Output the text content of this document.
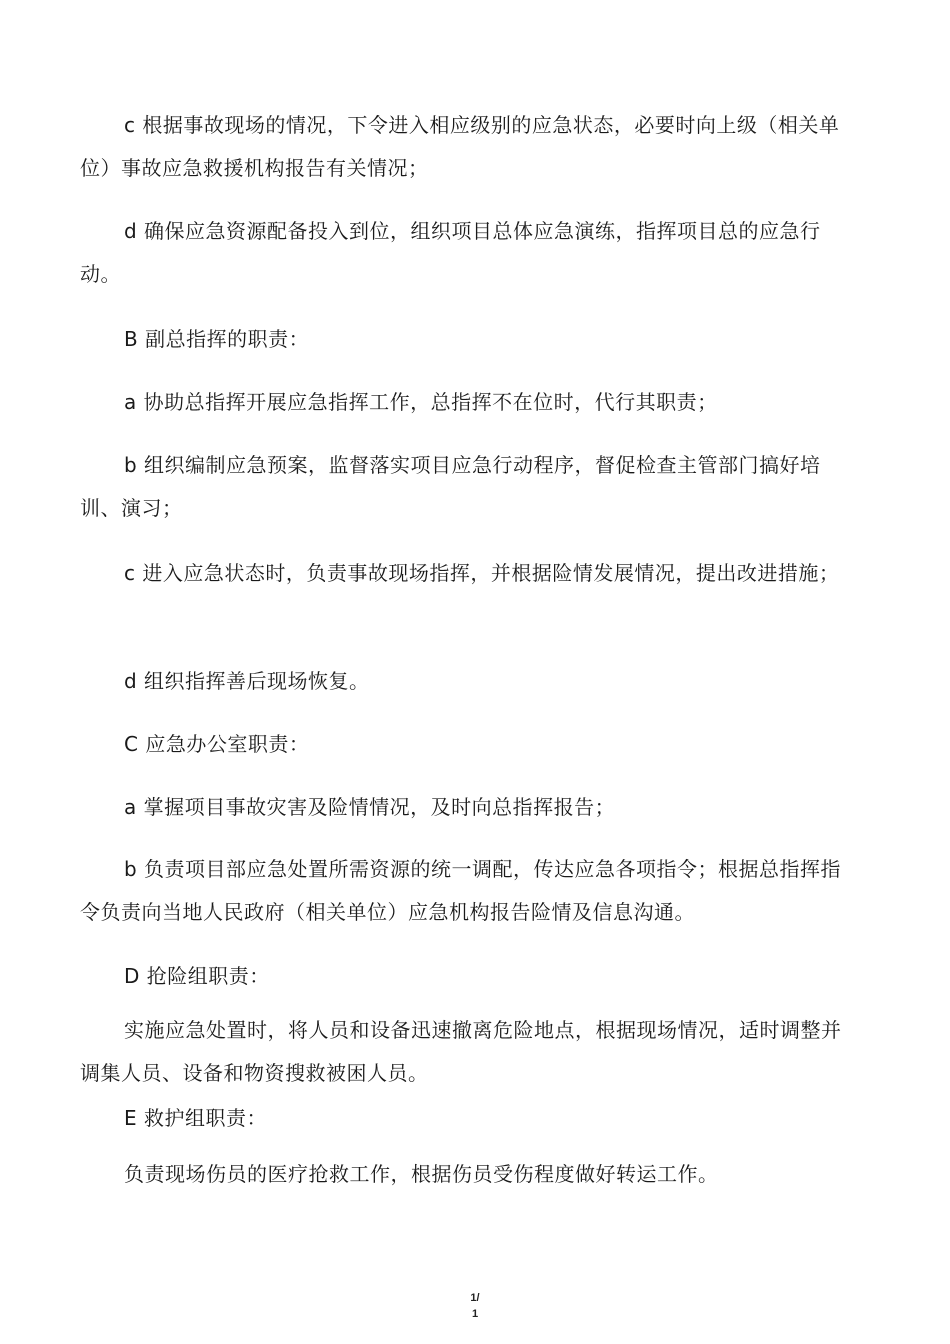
c 根据事故现场的情况，下令进入相应级别的应急状态，必要时向上级（相关单位）事故应急救援机构报告有关情况；

d 确保应急资源配备投入到位，组织项目总体应急演练，指挥项目总的应急行动。

B 副总指挥的职责：

a 协助总指挥开展应急指挥工作，总指挥不在位时，代行其职责；

b 组织编制应急预案，监督落实项目应急行动程序，督促检查主管部门搞好培训、演习；

c 进入应急状态时，负责事故现场指挥，并根据险情发展情况，提出改进措施；

d 组织指挥善后现场恢复。

C 应急办公室职责：

a 掌握项目事故灾害及险情情况，及时向总指挥报告；

b 负责项目部应急处置所需资源的统一调配，传达应急各项指令；根据总指挥指令负责向当地人民政府（相关单位）应急机构报告险情及信息沟通。

D 抢险组职责：

实施应急处置时，将人员和设备迅速撤离危险地点，根据现场情况，适时调整并调集人员、设备和物资搜救被困人员。

E 救护组职责：

负责现场伤员的医疗抢救工作，根据伤员受伤程度做好转运工作。

1/
1
